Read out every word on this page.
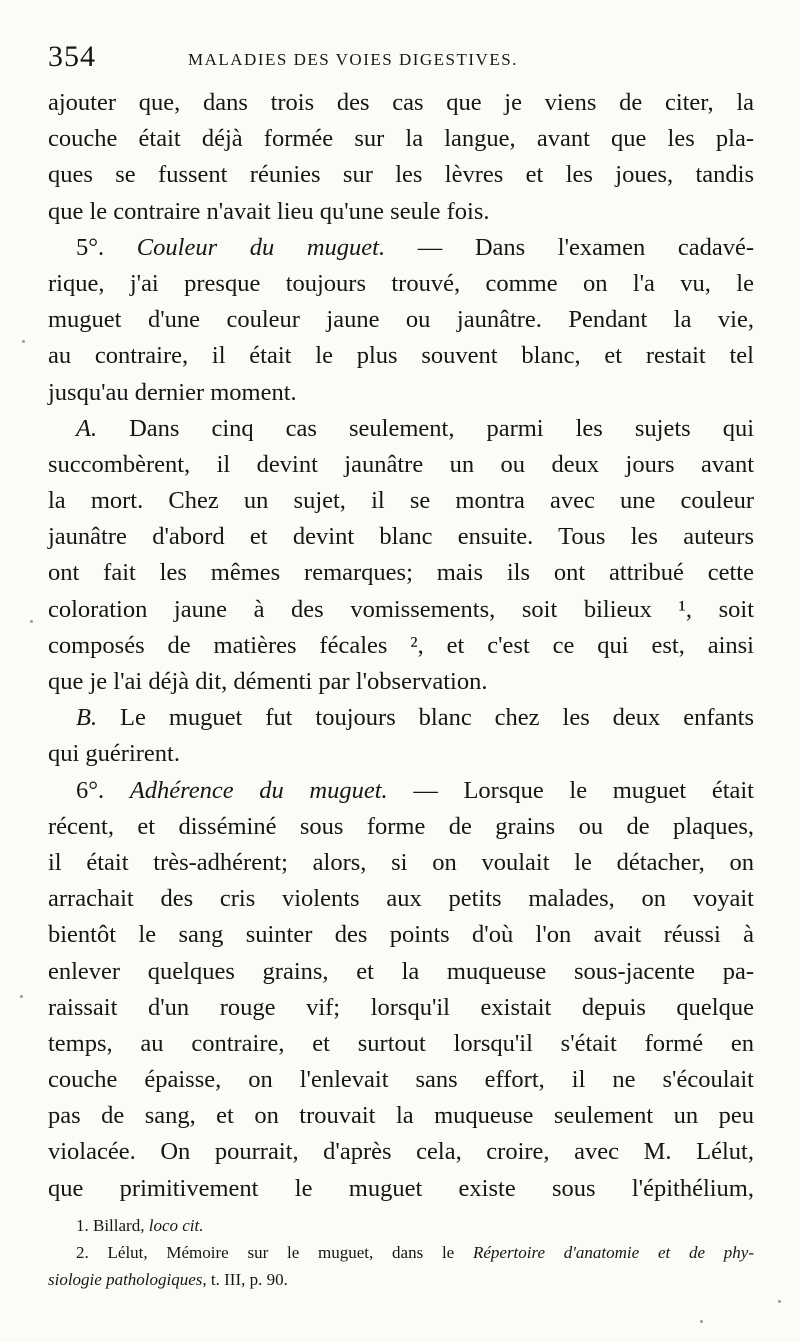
354	MALADIES DES VOIES DIGESTIVES.
ajouter que, dans trois des cas que je viens de citer, la
couche était déjà formée sur la langue, avant que les pla-
ques se fussent réunies sur les lèvres et les joues, tandis
que le contraire n'avait lieu qu'une seule fois.
5°. Couleur du muguet. — Dans l'examen cadavé-
rique, j'ai presque toujours trouvé, comme on l'a vu, le
muguet d'une couleur jaune ou jaunâtre. Pendant la vie,
au contraire, il était le plus souvent blanc, et restait tel
jusqu'au dernier moment.
A. Dans cinq cas seulement, parmi les sujets qui
succombèrent, il devint jaunâtre un ou deux jours avant
la mort. Chez un sujet, il se montra avec une couleur
jaunâtre d'abord et devint blanc ensuite. Tous les auteurs
ont fait les mêmes remarques; mais ils ont attribué cette
coloration jaune à des vomissements, soit bilieux ¹, soit
composés de matières fécales ², et c'est ce qui est, ainsi
que je l'ai déjà dit, démenti par l'observation.
B. Le muguet fut toujours blanc chez les deux enfants
qui guérirent.
6°. Adhérence du muguet. — Lorsque le muguet était
récent, et disséminé sous forme de grains ou de plaques,
il était très-adhérent; alors, si on voulait le détacher, on
arrachait des cris violents aux petits malades, on voyait
bientôt le sang suinter des points d'où l'on avait réussi à
enlever quelques grains, et la muqueuse sous-jacente pa-
raissait d'un rouge vif; lorsqu'il existait depuis quelque
temps, au contraire, et surtout lorsqu'il s'était formé en
couche épaisse, on l'enlevait sans effort, il ne s'écoulait
pas de sang, et on trouvait la muqueuse seulement un peu
violacée. On pourrait, d'après cela, croire, avec M. Lélut,
que primitivement le muguet existe sous l'épithélium,
1. Billard, loco cit.
2. Lélut, Mémoire sur le muguet, dans le Répertoire d'anatomie et de phy-
siologie pathologiques, t. III, p. 90.
